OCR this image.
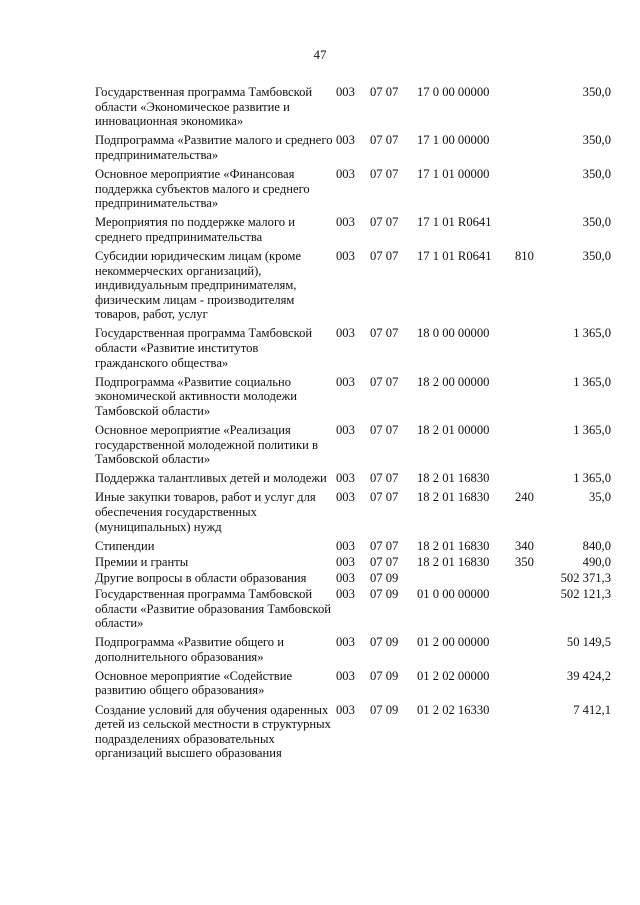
47
Государственная программа Тамбовской области «Экономическое развитие и инновационная экономика»
003	07 07	17 0 00 00000	350,0
Подпрограмма «Развитие малого и среднего предпринимательства»
003	07 07	17 1 00 00000	350,0
Основное мероприятие «Финансовая поддержка субъектов малого и среднего предпринимательства»
003	07 07	17 1 01 00000	350,0
Мероприятия по поддержке малого и среднего предпринимательства
003	07 07	17 1 01 R0641	350,0
Субсидии юридическим лицам (кроме некоммерческих организаций), индивидуальным предпринимателям, физическим лицам - производителям товаров, работ, услуг
003	07 07	17 1 01 R0641	810	350,0
Государственная программа Тамбовской области «Развитие институтов гражданского общества»
003	07 07	18 0 00 00000	1 365,0
Подпрограмма «Развитие социально экономической активности молодежи Тамбовской области»
003	07 07	18 2 00 00000	1 365,0
Основное мероприятие «Реализация государственной молодежной политики в Тамбовской области»
003	07 07	18 2 01 00000	1 365,0
Поддержка талантливых детей и молодежи 003	07 07	18 2 01 16830	1 365,0
Иные закупки товаров, работ и услуг для обеспечения государственных (муниципальных) нужд
003	07 07	18 2 01 16830	240	35,0
Стипендии	003	07 07	18 2 01 16830	340	840,0
Премии и гранты	003	07 07	18 2 01 16830	350	490,0
Другие вопросы в области образования	003	07 09	502 371,3
Государственная программа Тамбовской области «Развитие образования Тамбовской области»
003	07 09	01 0 00 00000	502 121,3
Подпрограмма «Развитие общего и дополнительного образования»
003	07 09	01 2 00 00000	50 149,5
Основное мероприятие «Содействие развитию общего образования»
003	07 09	01 2 02 00000	39 424,2
Создание условий для обучения одаренных детей из сельской местности в структурных подразделениях образовательных организаций высшего образования
003	07 09	01 2 02 16330	7 412,1
